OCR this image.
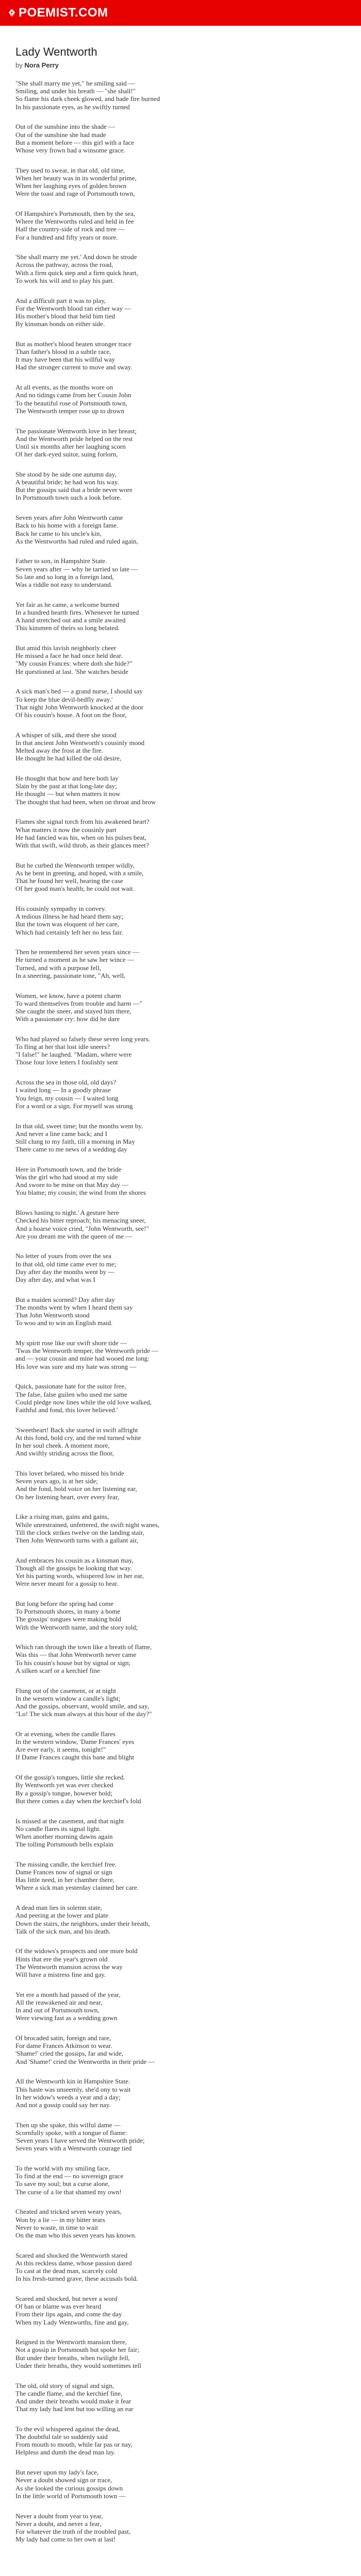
POEMIST.COM
Lady Wentworth
by Nora Perry
"She shall marry me yet," he smiling said —
Smiling, and under his breath — "she shall!"
So flame his dark cheek glowed, and bade fire burned
In his passionate eyes, as he swiftly turned
Out of the sunshine into the shade —
Out of the sunshine she had made
But a moment before — this girl with a face
Whose very frown had a winsome grace.
They used to swear, in that old, old time,
When her beauty was in its wonderful prime,
When her laughing eyes of golden brown
Were the toast and rage of Portsmouth town,
Of Hampshire's Portsmouth, then by the sea,
Where the Wentworths ruled and held in fee
Half the country-side of rock and tree —
For a hundred and fifty years or more.
'She shall marry me yet.' And down he strode
Across the pathway, across the road,
With a firm quick step and a firm quick heart,
To work his will and to play his part.
And a difficult part it was to play,
For the Wentworth blood ran either way —
His mother's blood that held him tied
By kinsman bonds on either side.
But as mother's blood beaten stronger trace
Than father's blood in a subtle race,
It may have been that his willful way
Had the stronger current to move and sway.
At all events, as the months wore on
And no tidings came from her Cousin John
To the beautiful rose of Portsmouth town,
The Wentworth temper rose up to drown
The passionate Wentworth love in her breast;
And the Wentworth pride helped on the rest
Until six months after her laughing scorn
Of her dark-eyed suitor, suing forlorn,
She stood by he side one autumn day,
A beautiful bride; he had won his way.
But the gossips said that a bride never wore
In Portsmouth town such a look before.
Seven years after John Wentworth came
Back to his home with a foreign fame.
Back he came to his uncle's kin,
As the Wentworths had ruled and ruled again,
Father to son, in Hampshire State.
Seven years after — why he tarried so late —
So late and so long in a foreign land,
Was a riddle not easy to understand.
Yet fair as he came, a welcome burned
In a hundred hearth fires. Whenever he turned
A hand stretched out and a smile awaited
This kinsmen of theirs so long belated.
But amid this lavish neighborly cheer
He missed a face he had once held dear.
"My cousin Frances: where doth she hide?"
He questioned at last. 'She watches beside
A sick man's bed — a grand nurse, I should say
To keep the blue devil-bedfly away.'
That night John Wentworth knocked at the door
Of his cousin's house. A foot on the floor,
A whisper of silk, and there she stood
In that ancient John Wentworth's cousinly mood
Melted away the frost at the fire.
He thought he had killed the old desire,
He thought that how and here both lay
Slain by the past at that long-late day;
He thought — but when matters it now
The thought that had been, when on throat and brow
Flames she signal torch from his awakened heart?
What matters it now the cousinly part
He had fancied was his, when on his pulses beat,
With that swift, wild throb, as their glances meet?
But he curbed the Wentworth temper wildly,
As he bent in greeting, and hoped, with a smile,
That he found her well, hearing the case
Of her good man's health; he could not wait.
His cousinly sympathy in convey.
A tedious illness he had heard them say;
But the town was eloquent of her care,
Which had certainly left her no less fair.
Then he remembered her seven years since —
He turned a moment as he saw her wince —
Turned, and with a purpose fell,
In a sneering, passionate tone, "Ah, well,
Women, we know, have a potent charm
To ward themselves from trouble and harm —"
She caught the sneer, and stayed him there,
With a passionate cry: how did he dare
Who had played so falsely these seven long years.
To fling at her that lost idle sneers?
"I false!" he laughed. "Madam, where were
Those four love letters I foolishly sent
Across the sea in those old, old days?
I waited long — In a goodly phrase
You feign, my cousin — I waited long
For a word or a sign. For myself was strong
In that old, sweet time; but the months went by.
And never a line came back; and I
Still clung to my faith, till a morning in May
There came to me news of a wedding day
Here in Portsmouth town, and the bride
Was the girl who had stood at my side
And swore to be mine on that May day —
You blame; my cousin; the wind from the shores
Blows hasting to night.' A gesture here
Checked his bitter reproach; his menacing sneer,
And a hoarse voice cried, "John Wentworth, see!"
Are you dream me with the queen of me —
No letter of yours from over the sea
In that old, old time came ever to me;
Day after day the months went by —
Day after day, and what was I
But a maiden scorned? Day after day
The months went by when I heard them say
That John Wentworth stood
To woo and to win an English maid.
My spirit rose like our swift shore tide —
'Twas the Wentworth temper, the Wentworth pride —
and — your cousin and mine had wooed me long:
His love was sure and my hate was strong —
Quick, passionate hate for the suitor free,
The false, false guilen who used me same
Could pledge now lines while the old love walked,
Faithful and fond, this lover believed.'
'Sweetheart! Back she started in swift affright
At this fond, bold cry, and the red turned white
In her soul cheek. A moment more,
And swiftly striding across the floor,
This lover belated, who missed his bride
Seven years ago, is at her side;
And the fond, bold voice on her listening ear,
On her listening heart, over every fear,
Like a rising man, gains and gains,
While unrestrained, unfettered, the swift night wanes,
Till the clock strikes twelve on the landing stair,
Then John Wentworth turns with a gallant air,
And embraces his cousin as a kinsman may,
Though all the gossips be looking that way.
Yet his parting words, whispered low in her ear,
Were never meant for a gossip to hear.
But long before the spring had come
To Portsmouth shores, in many a home
The gossips' tongues were making bold
With the Wentworth name, and the story told;
Which ran through the town like a breath of flame,
Was this — that John Wentworth never came
To his cousin's house but by signal or sign;
A silken scarf or a kerchief fine
Flung out of the casement, or at night
In the western window a candle's light;
And the gossips, observant, would smile, and say,
"Lo! The sick man always at this hour of the day?"
Or at evening, when the candle flares
In the western window, 'Dame Frances' eyes
Are ever early, it seems, tonight!"
If Dame Frances caught this bane and blight
Of the gossip's tongues, little she recked.
By Wentworth yet was ever checked
By a gossip's tongue, however bold;
But there comes a day when the kerchief's fold
Is missed at the casement, and that night
No candle flares its signal light.
When another morning dawns again
The tolling Portsmouth bells explain
The missing candle, the kerchief free.
Dame Frances now of signal or sign
Has little need, in her chamber there,
Where a sick man yesterday claimed her care.
A dead man lies in solemn state,
And peering at the lower and plate
Down the stairs, the neighbors, under their breath,
Talk of the sick man, and his death.
Of the widows's prospects and one more bold
Hints that ere the year's grown old
The Wentworth mansion across the way
Will have a mistress fine and gay.
Yet ere a month had passed of the year,
All the reawakened air and near,
In and out of Portsmouth town,
Were viewing fast as a wedding gown
Of brocaded satin, foreign and rare,
For dame Frances Atkinson to wear.
'Shame!' cried the gossips, far and wide,
And 'Shame!' cried the Wentworths in their pride —
All the Wentworth kin in Hampshire State.
This haste was unseemly, she'd ony to wait
In her widow's weeds a year and a day;
And not a gossip could say her nay.
Then up she spake, this wilful dame —
Scornfully spoke, with a tongue of flame:
'Seven years I have served the Wentworth pride;
Seven years with a Wentworth courage tied
To the world with my smiling face,
To find at the end — no sovereign grace
To save my soul; but a curse alone,
The curse of a lie that shamed my own!
Cheated and tricked seven weary years,
Won by a lie — in my bitter tears
Never to waste, in time to wait
On the man who this seven years has known.
Scared and shocked the Wentworth stared
At this reckless dame, whose passion dared
To cast at the dead man, scarcely cold
In his fresh-turned grave, these accusals bold.
Scared and shocked, but never a word
Of ban or blame was ever heard
From their lips again, and come the day
When my Lady Wentworths, fine and gay,
Reigned in the Wentworth mansion there,
Not a gossip in Portsmouth but spoke her fair;
But under their breaths, when twilight fell,
Under their breaths, they would sometimes tell
The old, old story of signal and sign,
The candle flame, and the kerchief fine,
And under their breaths would make it fear
That my lady had lent but too willing an ear
To the evil whispered against the dead,
The doubtful tale so suddenly said
From mouth to mouth, while far pas or nay,
Helpless and dumb the dead man lay.
But never upon my lady's face,
Never a doubt showed sign or trace,
As she looked the curious gossips down
In the little world of Portsmouth town —
Never a doubt from year to year,
Never a doubt, and never a fear,
For whatever the truth of the troubled past,
My lady had come to her own at last!
